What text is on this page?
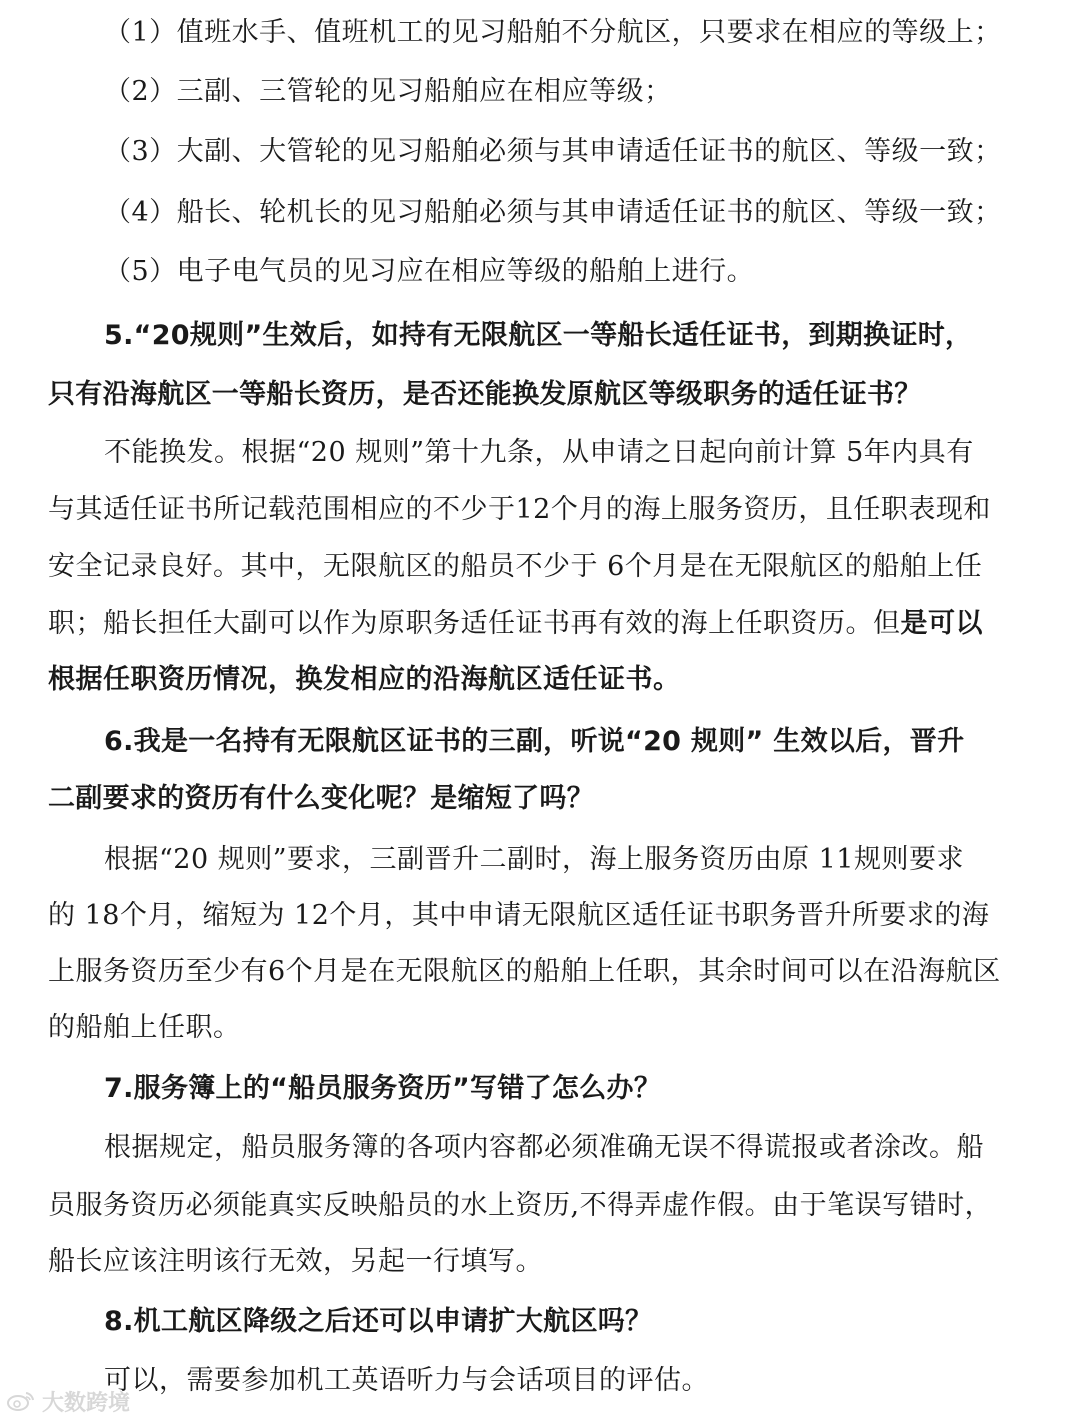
（1）值班水手、值班机工的见习船舶不分航区，只要求在相应的等级上；
（2）三副、三管轮的见习船舶应在相应等级；
（3）大副、大管轮的见习船舶必须与其申请适任证书的航区、等级一致；
（4）船长、轮机长的见习船舶必须与其申请适任证书的航区、等级一致；
（5）电子电气员的见习应在相应等级的船舶上进行。
5.“20规则”生效后，如持有无限航区一等船长适任证书，到期换证时，
只有沿海航区一等船长资历，是否还能换发原航区等级职务的适任证书？
不能换发。根据“20 规则”第十九条，从申请之日起向前计算 5年内具有
与其适任证书所记载范围相应的不少于12个月的海上服务资历，且任职表现和
安全记录良好。其中，无限航区的船员不少于 6个月是在无限航区的船舶上任
职；船长担任大副可以作为原职务适任证书再有效的海上任职资历。但是可以
根据任职资历情况，换发相应的沿海航区适任证书。
6.我是一名持有无限航区证书的三副，听说“20 规则” 生效以后，晋升
二副要求的资历有什么变化呢？是缩短了吗？
根据“20 规则”要求，三副晋升二副时，海上服务资历由原 11规则要求
的 18个月，缩短为 12个月，其中申请无限航区适任证书职务晋升所要求的海
上服务资历至少有6个月是在无限航区的船舶上任职，其余时间可以在沿海航区
的船舶上任职。
7.服务簿上的“船员服务资历”写错了怎么办？
根据规定，船员服务簿的各项内容都必须准确无误不得谎报或者涂改。船
员服务资历必须能真实反映船员的水上资历,不得弄虚作假。由于笔误写错时，
船长应该注明该行无效，另起一行填写。
8.机工航区降级之后还可以申请扩大航区吗？
可以，需要参加机工英语听力与会话项目的评估。
大数跨境
